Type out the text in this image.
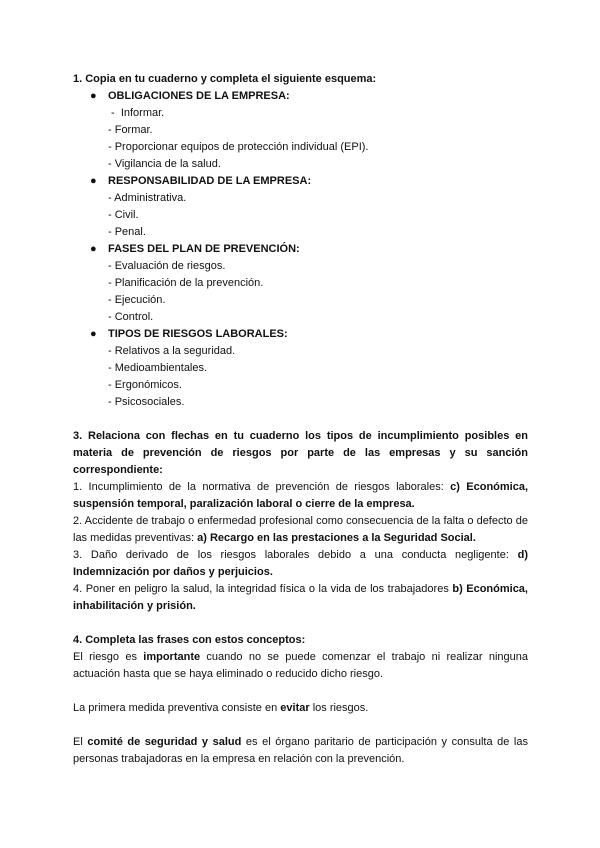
1. Copia en tu cuaderno y completa el siguiente esquema:

● OBLIGACIONES DE LA EMPRESA:
-  Informar.
- Formar.
- Proporcionar equipos de protección individual (EPI).
- Vigilancia de la salud.
● RESPONSABILIDAD DE LA EMPRESA:
- Administrativa.
- Civil.
- Penal.
● FASES DEL PLAN DE PREVENCIÓN:
- Evaluación de riesgos.
- Planificación de la prevención.
- Ejecución.
- Control.
● TIPOS DE RIESGOS LABORALES:
- Relativos a la seguridad.
- Medioambientales.
- Ergonómicos.
- Psicosociales.

3. Relaciona con flechas en tu cuaderno los tipos de incumplimiento posibles en materia de prevención de riesgos por parte de las empresas y su sanción correspondiente:

1. Incumplimiento de la normativa de prevención de riesgos laborales: c) Económica, suspensión temporal, paralización laboral o cierre de la empresa.

2. Accidente de trabajo o enfermedad profesional como consecuencia de la falta o defecto de las medidas preventivas: a) Recargo en las prestaciones a la Seguridad Social.

3. Daño derivado de los riesgos laborales debido a una conducta negligente: d) Indemnización por daños y perjuicios.

4. Poner en peligro la salud, la integridad física o la vida de los trabajadores b) Económica, inhabilitación y prisión.

4. Completa las frases con estos conceptos:

El riesgo es importante cuando no se puede comenzar el trabajo ni realizar ninguna actuación hasta que se haya eliminado o reducido dicho riesgo.

La primera medida preventiva consiste en evitar los riesgos.

El comité de seguridad y salud es el órgano paritario de participación y consulta de las personas trabajadoras en la empresa en relación con la prevención.
